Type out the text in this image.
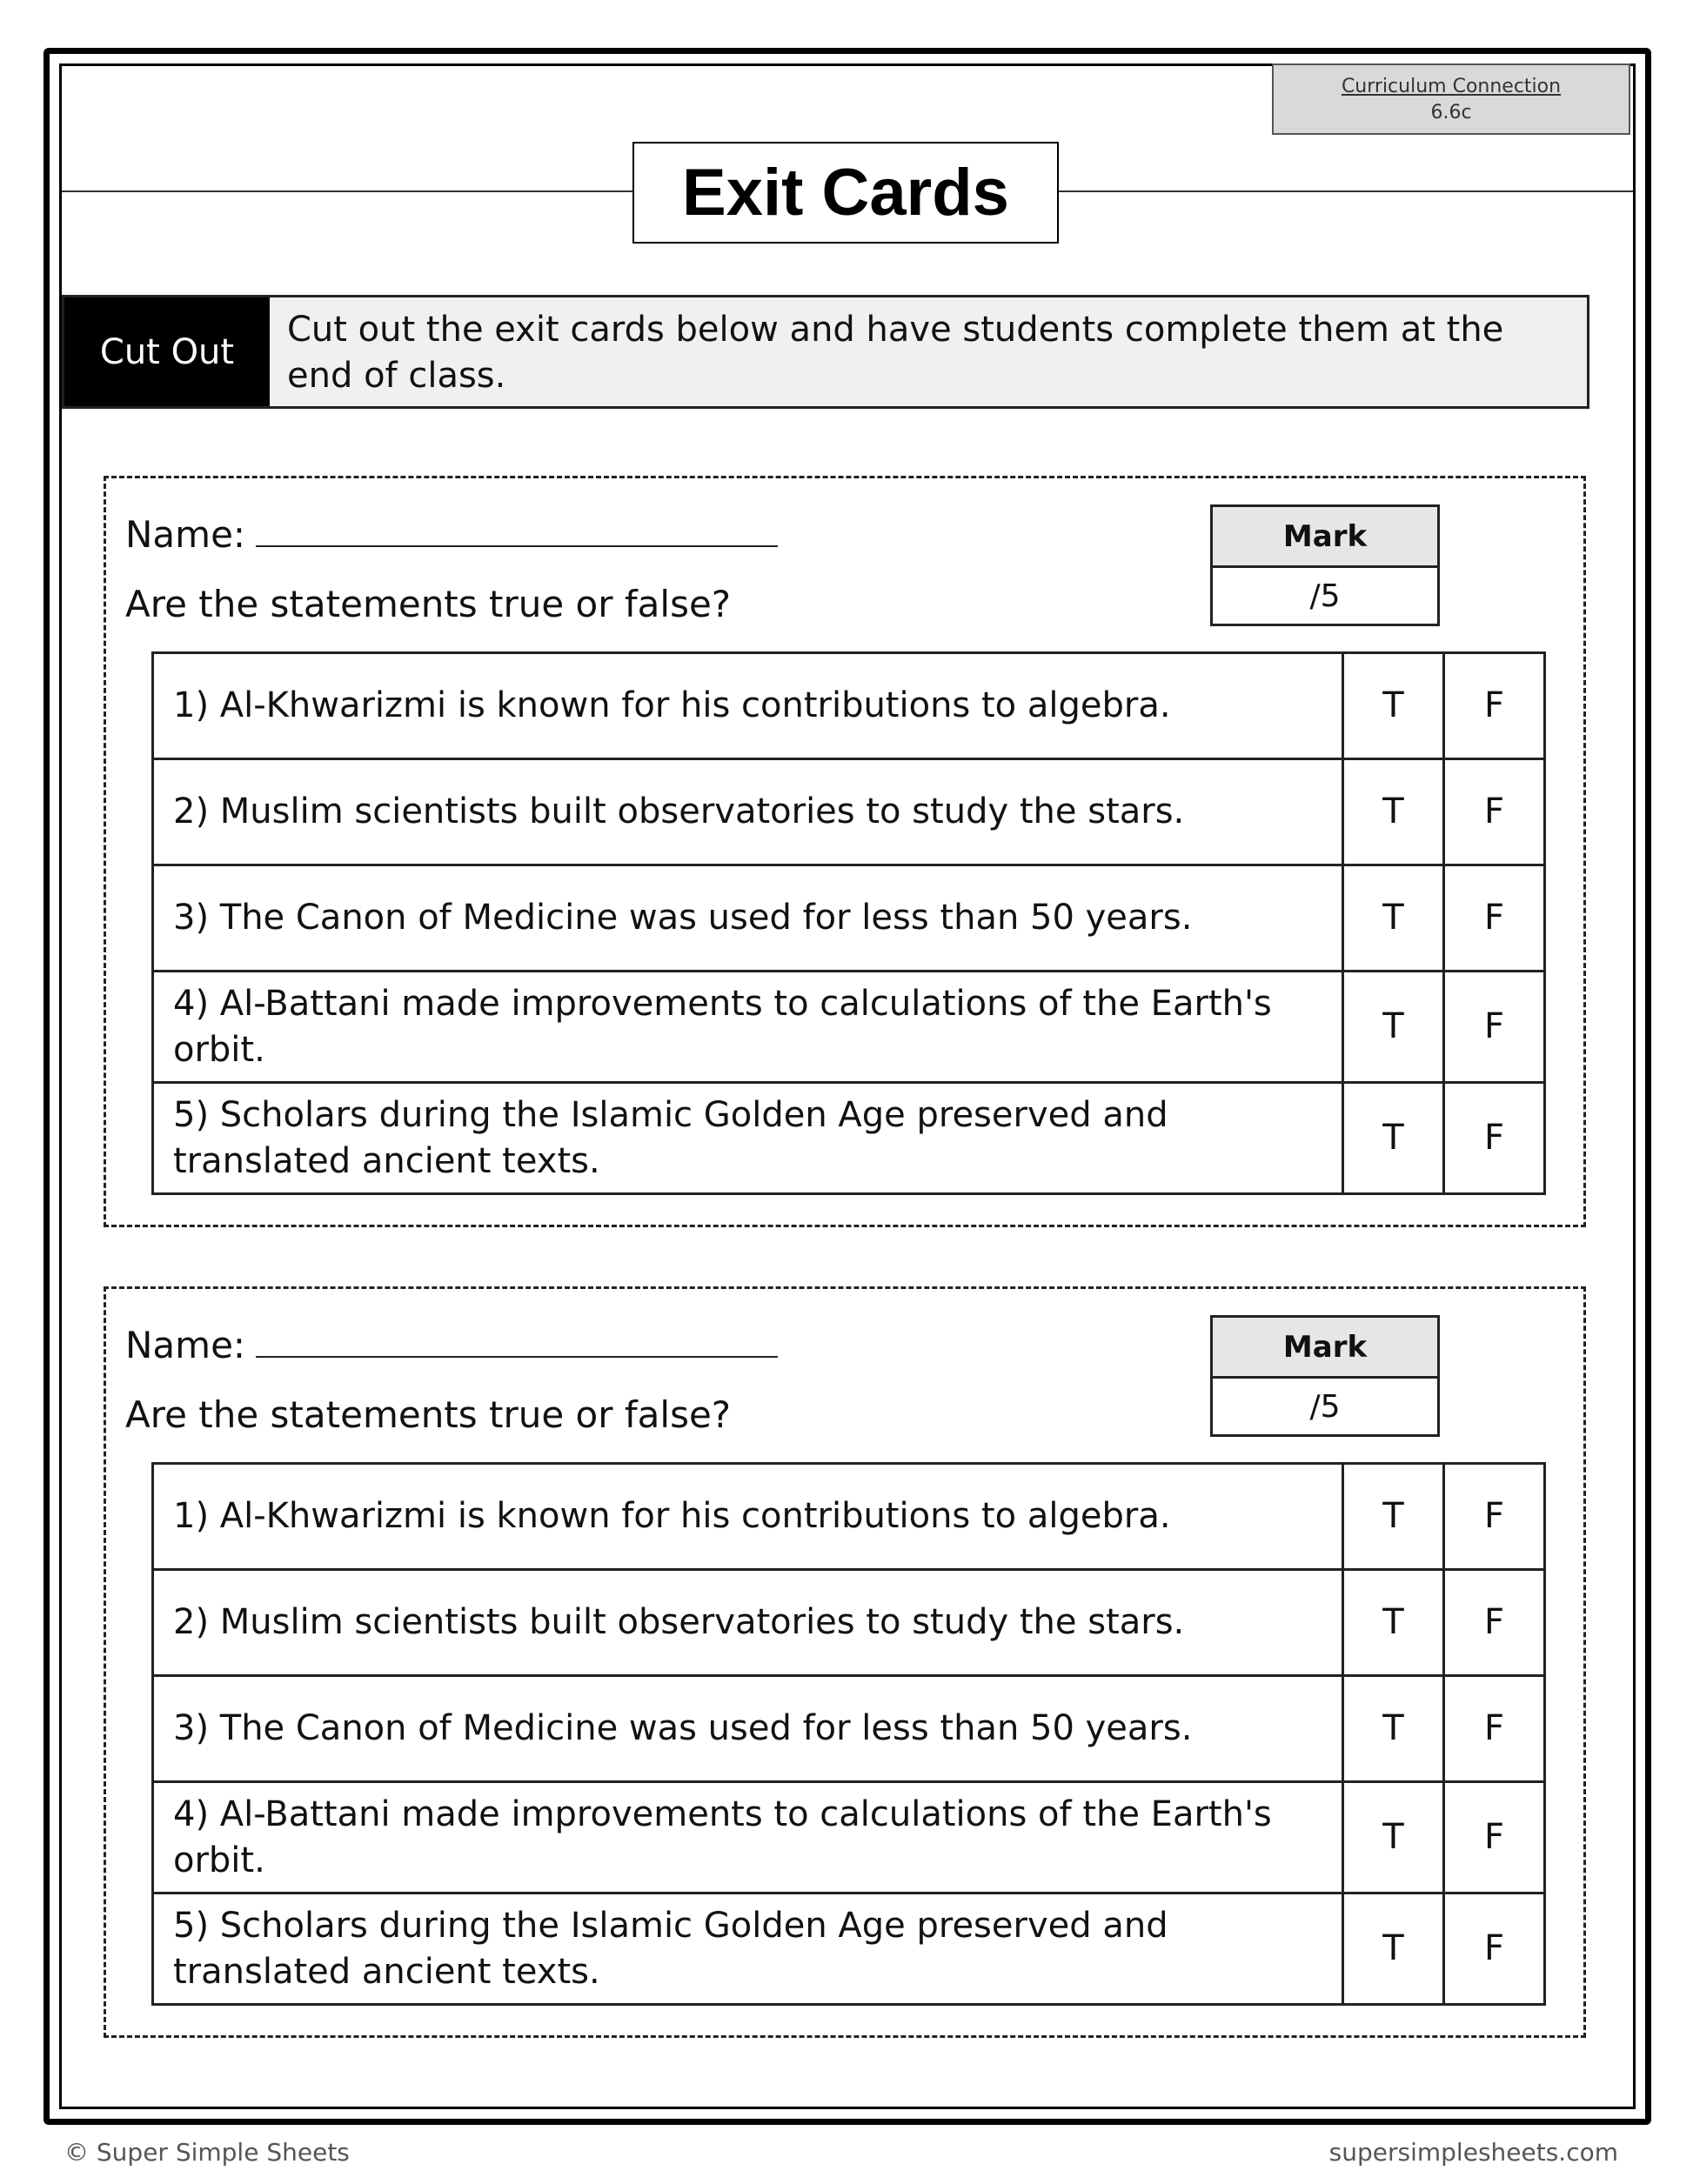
Curriculum Connection
6.6c
Exit Cards
Cut Out
Cut out the exit cards below and have students complete them at the end of class.
Name:
Are the statements true or false?
Mark
/5
1) Al-Khwarizmi is known for his contributions to algebra.	T	F
2) Muslim scientists built observatories to study the stars.	T	F
3) The Canon of Medicine was used for less than 50 years.	T	F
4) Al-Battani made improvements to calculations of the Earth's orbit.	T	F
5) Scholars during the Islamic Golden Age preserved and translated ancient texts.	T	F
Name:
Are the statements true or false?
Mark
/5
1) Al-Khwarizmi is known for his contributions to algebra.	T	F
2) Muslim scientists built observatories to study the stars.	T	F
3) The Canon of Medicine was used for less than 50 years.	T	F
4) Al-Battani made improvements to calculations of the Earth's orbit.	T	F
5) Scholars during the Islamic Golden Age preserved and translated ancient texts.	T	F
© Super Simple Sheets	supersimplesheets.com
